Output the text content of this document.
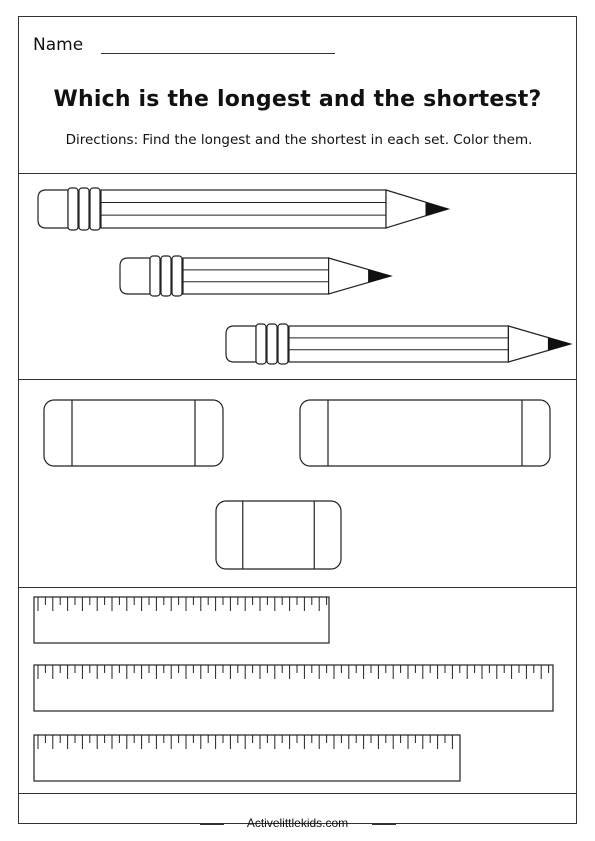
Name
Which is the longest and the shortest?
Directions: Find the longest and the shortest in each set. Color them.
Activelittlekids.com
